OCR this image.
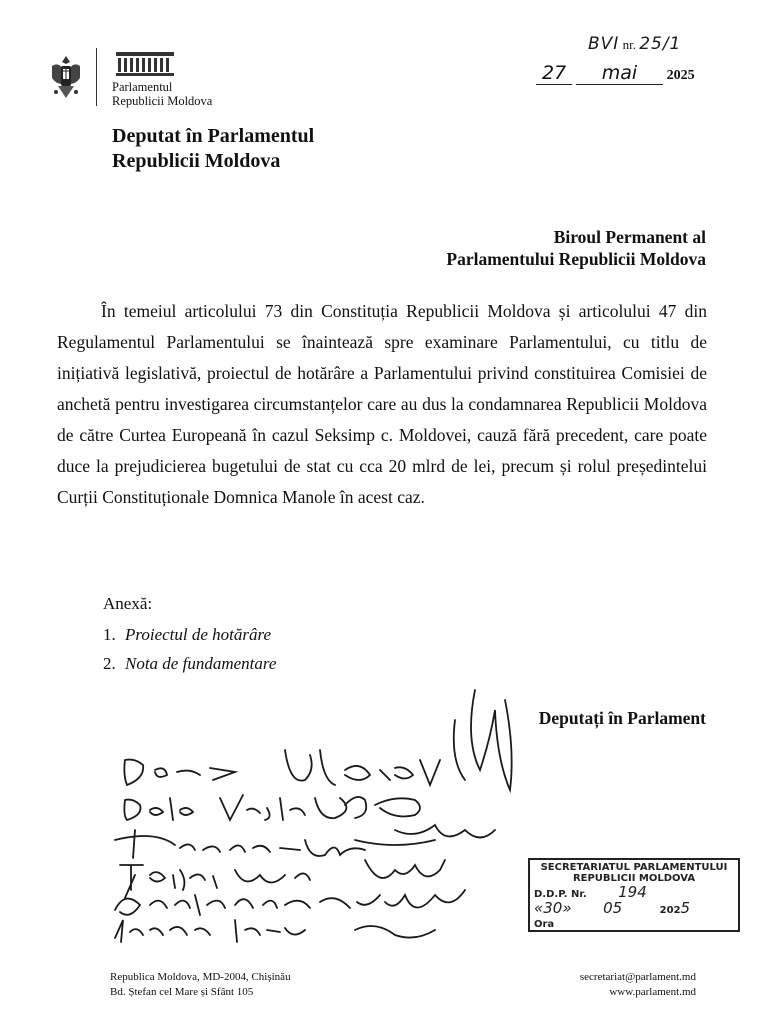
Parlamentul
Republicii Moldova
BVI nr. 25/1
27 mai 2025
Deputat în Parlamentul
Republicii Moldova
Biroul Permanent al
Parlamentului Republicii Moldova

În temeiul articolului 73 din Constituția Republicii Moldova și articolului 47 din Regulamentul Parlamentului se înaintează spre examinare Parlamentului, cu titlu de inițiativă legislativă, proiectul de hotărâre a Parlamentului privind constituirea Comisiei de anchetă pentru investigarea circumstanțelor care au dus la condamnarea Republicii Moldova de către Curtea Europeană în cazul Seksimp c. Moldovei, cauză fără precedent, care poate duce la prejudicierea bugetului de stat cu cca 20 mlrd de lei, precum și rolul președintelui Curții Constituționale Domnica Manole în acest caz.

Anexă:
1. Proiectul de hotărâre
2. Nota de fundamentare
Deputați în Parlament
SECRETARIATUL PARLAMENTULUI
REPUBLICII MOLDOVA
D.D.P. Nr. 194
«30» 05	2025
Ora
Republica Moldova, MD-2004, Chișinău
Bd. Ștefan cel Mare și Sfânt 105
secretariat@parlament.md
www.parlament.md
